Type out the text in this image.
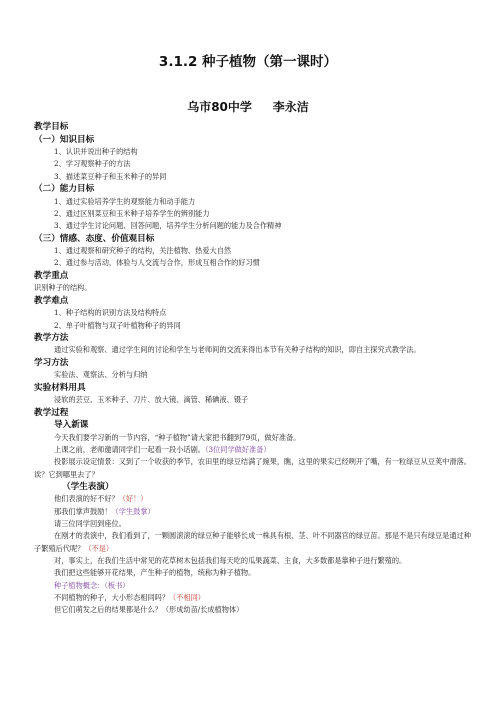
3.1.2 种子植物（第一课时）
乌市80中学     李永洁
教学目标
（一）知识目标
1、认识并说出种子的结构
2、学习观察种子的方法
3、描述菜豆种子和玉米种子的异同
（二）能力目标
1、通过实验培养学生的观察能力和动手能力
2、通过区别菜豆和玉米种子培养学生的辨别能力
3、通过学生讨论问题、回答问题，培养学生分析问题的能力及合作精神
（三）情感、态度、价值观目标
1、通过观察和研究种子的结构，关注植物、热爱大自然
2、通过参与活动，体验与人交流与合作，形成互相合作的好习惯
教学重点
识别种子的结构。
教学难点
1、种子结构的识别方法及结构特点
2、单子叶植物与双子叶植物种子的异同
教学方法
通过实验和观察、通过学生间的讨论和学生与老师间的交流来得出本节有关种子结构的知识，即自主探究式教学法。
学习方法
实验法、观察法、分析与归纳
实验材料用具
浸软的芸豆、玉米种子、刀片、放大镜、滴管、稀碘液、镊子
教学过程
导入新课
今天我们要学习新的一节内容，“种子植物”请大家把书翻到79页，做好准备。
上课之前，老师邀请同学们一起看一段小话剧。（3位同学做好准备）
投影展示设定情景：又到了一个收获的季节，农田里的绿豆结满了豌果，瞧，这里的果实已经咧开了嘴，有一粒绿豆从豆荚中滑落。诶？它到哪里去了？
（学生表演）
他们表演的好不好？（好！）
那我们掌声鼓励！（学生鼓掌）
请三位同学回到座位。
在刚才的表演中，我们看到了，一颗圆滚滚的绿豆种子能够长成一株具有根、茎、叶不同器官的绿豆苗。那是不是只有绿豆是通过种子繁殖后代呢？（不是）
对，事实上，在我们生活中常见的花草树木包括我们每天吃的瓜果蔬菜、主食，大多数都是靠种子进行繁殖的。
我们把这些能够开花结果，产生种子的植物，统称为种子植物。
种子植物概念：（板书）
不同植物的种子，大小形态相同吗？（不相同）
但它们萌发之后的结果都是什么？（形成幼苗/长成植物体）
